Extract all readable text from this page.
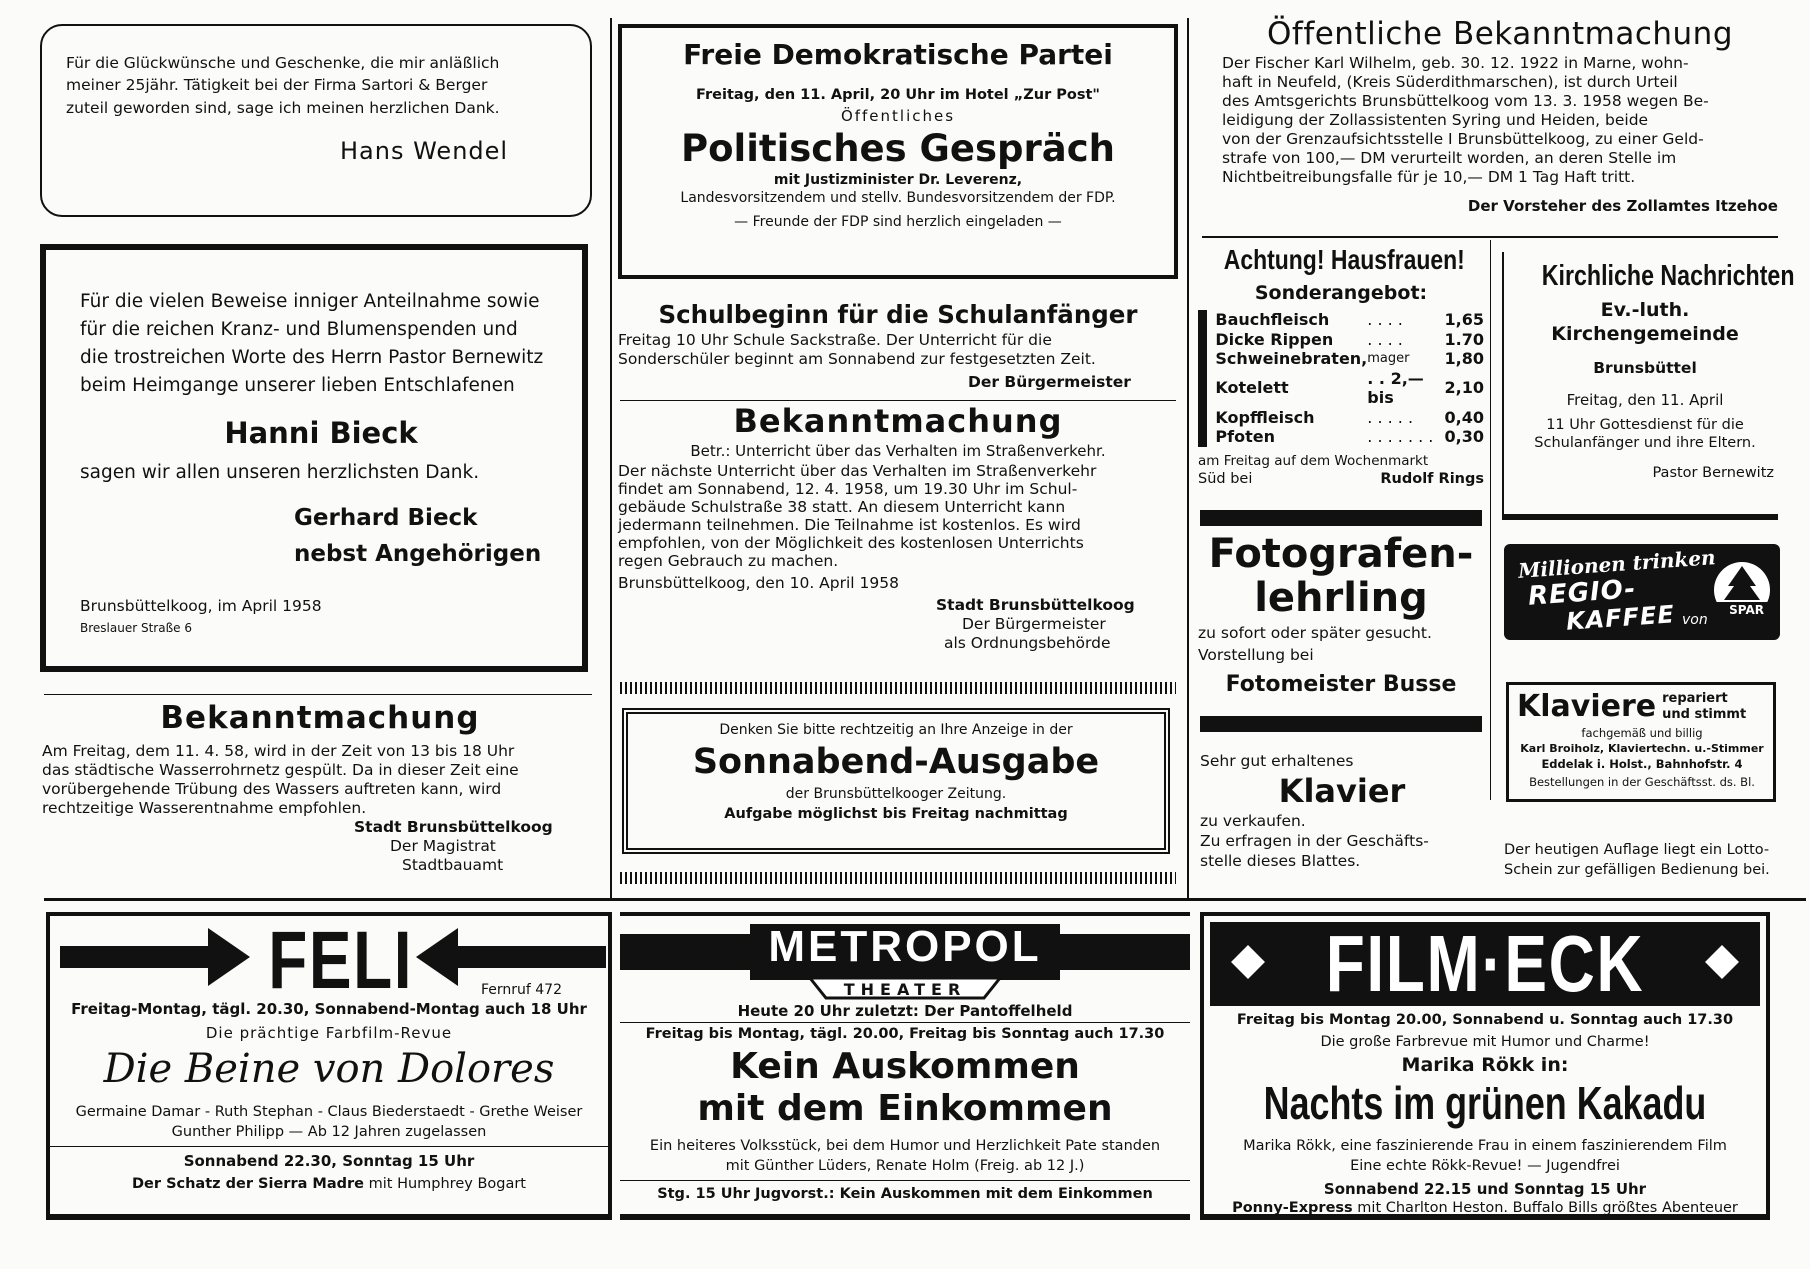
Für die Glückwünsche und Geschenke, die mir anläßlich
meiner 25jähr. Tätigkeit bei der Firma Sartori & Berger
zuteil geworden sind, sage ich meinen herzlichen Dank.
Hans Wendel
Für die vielen Beweise inniger Anteilnahme sowie
für die reichen Kranz- und Blumenspenden und
die trostreichen Worte des Herrn Pastor Bernewitz
beim Heimgange unserer lieben Entschlafenen
Hanni Bieck
sagen wir allen unseren herzlichsten Dank.
Gerhard Bieck
nebst Angehörigen
Brunsbüttelkoog, im April 1958
Breslauer Straße 6
Bekanntmachung
Am Freitag, dem 11. 4. 58, wird in der Zeit von 13 bis 18 Uhr
das städtische Wasserrohrnetz gespült. Da in dieser Zeit eine
vorübergehende Trübung des Wassers auftreten kann, wird
rechtzeitige Wasserentnahme empfohlen.
Stadt Brunsbüttelkoog
Der Magistrat
Stadtbauamt
Freie Demokratische Partei
Freitag, den 11. April, 20 Uhr im Hotel „Zur Post"
Öffentliches
Politisches Gespräch
mit Justizminister Dr. Leverenz,
Landesvorsitzendem und stellv. Bundesvorsitzendem der FDP.
— Freunde der FDP sind herzlich eingeladen —
Schulbeginn für die Schulanfänger
Freitag 10 Uhr Schule Sackstraße. Der Unterricht für die
Sonderschüler beginnt am Sonnabend zur festgesetzten Zeit.
Der Bürgermeister
Bekanntmachung
Betr.: Unterricht über das Verhalten im Straßenverkehr.
Der nächste Unterricht über das Verhalten im Straßenverkehr
findet am Sonnabend, 12. 4. 1958, um 19.30 Uhr im Schul-
gebäude Schulstraße 38 statt. An diesem Unterricht kann
jedermann teilnehmen. Die Teilnahme ist kostenlos. Es wird
empfohlen, von der Möglichkeit des kostenlosen Unterrichts
regen Gebrauch zu machen.
Brunsbüttelkoog, den 10. April 1958
Stadt Brunsbüttelkoog
Der Bürgermeister
als Ordnungsbehörde
Denken Sie bitte rechtzeitig an Ihre Anzeige in der
Sonnabend-Ausgabe
der Brunsbüttelkooger Zeitung.
Aufgabe möglichst bis Freitag nachmittag
Öffentliche Bekanntmachung
Der Fischer Karl Wilhelm, geb. 30. 12. 1922 in Marne, wohn-
haft in Neufeld, (Kreis Süderdithmarschen), ist durch Urteil
des Amtsgerichts Brunsbüttelkoog vom 13. 3. 1958 wegen Be-
leidigung der Zollassistenten Syring und Heiden, beide
von der Grenzaufsichtsstelle I Brunsbüttelkoog, zu einer Geld-
strafe von 100,— DM verurteilt worden, an deren Stelle im
Nichtbeitreibungsfalle für je 10,— DM 1 Tag Haft tritt.
Der Vorsteher des Zollamtes Itzehoe
Achtung! Hausfrauen!
Sonderangebot:
Bauchfleisch	. . . .	1,65
Dicke Rippen	. . . .	1.70
Schweinebraten,	mager	1,80
Kotelett	. . 2,— bis	2,10
Kopffleisch	. . . . .	0,40
Pfoten	. . . . . . .	0,30
am Freitag auf dem Wochenmarkt
Süd bei	Rudolf Rings
Kirchliche Nachrichten
Ev.-luth.
Kirchengemeinde
Brunsbüttel
Freitag, den 11. April
11 Uhr Gottesdienst für die
Schulanfänger und ihre Eltern.
Pastor Bernewitz
Fotografen-
lehrling
zu sofort oder später gesucht.
Vorstellung bei
Fotomeister Busse
Millionen trinken
REGIO-
KAFFEE von
SPAR
Klaviere repariert
und stimmt
fachgemäß und billig
Karl Broiholz, Klaviertechn. u.-Stimmer
Eddelak i. Holst., Bahnhofstr. 4
Bestellungen in der Geschäftsst. ds. Bl.
Sehr gut erhaltenes
Klavier
zu verkaufen.
Zu erfragen in der Geschäfts-
stelle dieses Blattes.
Der heutigen Auflage liegt ein Lotto-
Schein zur gefälligen Bedienung bei.
FELI	Fernruf 472
Freitag-Montag, tägl. 20.30, Sonnabend-Montag auch 18 Uhr
Die prächtige Farbfilm-Revue
Die Beine von Dolores
Germaine Damar - Ruth Stephan - Claus Biederstaedt - Grethe Weiser
Gunther Philipp — Ab 12 Jahren zugelassen
Sonnabend 22.30, Sonntag 15 Uhr
Der Schatz der Sierra Madre mit Humphrey Bogart
METROPOL
THEATER
Heute 20 Uhr zuletzt: Der Pantoffelheld
Freitag bis Montag, tägl. 20.00, Freitag bis Sonntag auch 17.30
Kein Auskommen
mit dem Einkommen
Ein heiteres Volksstück, bei dem Humor und Herzlichkeit Pate standen
mit Günther Lüders, Renate Holm (Freig. ab 12 J.)
Stg. 15 Uhr Jugvorst.: Kein Auskommen mit dem Einkommen
FILM·ECK
Freitag bis Montag 20.00, Sonnabend u. Sonntag auch 17.30
Die große Farbrevue mit Humor und Charme!
Marika Rökk in:
Nachts im grünen Kakadu
Marika Rökk, eine faszinierende Frau in einem faszinierendem Film
Eine echte Rökk-Revue! — Jugendfrei
Sonnabend 22.15 und Sonntag 15 Uhr
Ponny-Express mit Charlton Heston. Buffalo Bills größtes Abenteuer
